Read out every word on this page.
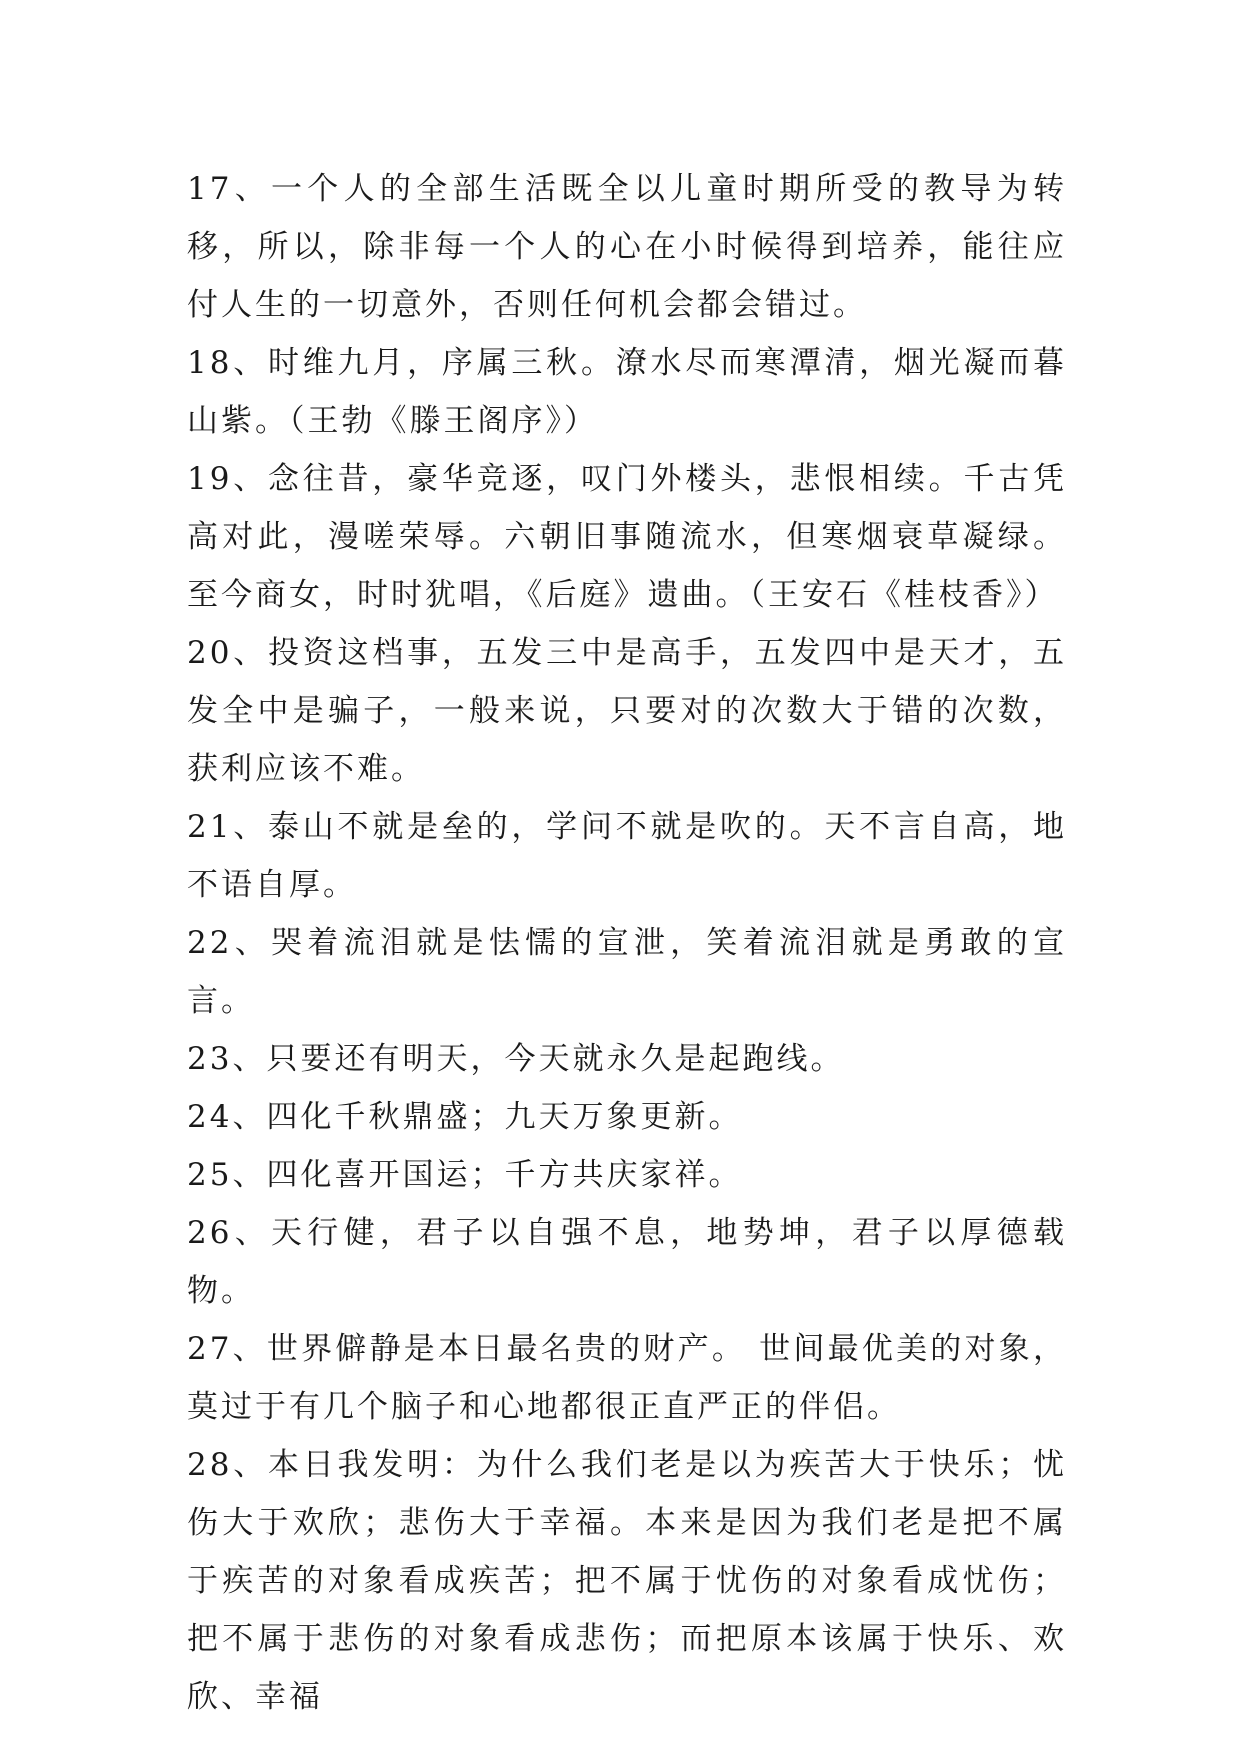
17、一个人的全部生活既全以儿童时期所受的教导为转移，所以，除非每一个人的心在小时候得到培养，能往应付人生的一切意外，否则任何机会都会错过。

18、时维九月，序属三秋。潦水尽而寒潭清，烟光凝而暮山紫。（王勃《滕王阁序》）

19、念往昔，豪华竞逐，叹门外楼头，悲恨相续。千古凭高对此，漫嗟荣辱。六朝旧事随流水，但寒烟衰草凝绿。至今商女，时时犹唱，《后庭》遗曲。（王安石《桂枝香》）

20、投资这档事，五发三中是高手，五发四中是天才，五发全中是骗子，一般来说，只要对的次数大于错的次数，获利应该不难。

21、泰山不就是垒的，学问不就是吹的。天不言自高，地不语自厚。

22、哭着流泪就是怯懦的宣泄，笑着流泪就是勇敢的宣言。

23、只要还有明天，今天就永久是起跑线。

24、四化千秋鼎盛；九天万象更新。

25、四化喜开国运；千方共庆家祥。

26、天行健，君子以自强不息，地势坤，君子以厚德载物。

27、世界僻静是本日最名贵的财产。 世间最优美的对象，莫过于有几个脑子和心地都很正直严正的伴侣。

28、本日我发明：为什么我们老是以为疾苦大于快乐；忧伤大于欢欣；悲伤大于幸福。本来是因为我们老是把不属于疾苦的对象看成疾苦；把不属于忧伤的对象看成忧伤；把不属于悲伤的对象看成悲伤；而把原本该属于快乐、欢欣、幸福
